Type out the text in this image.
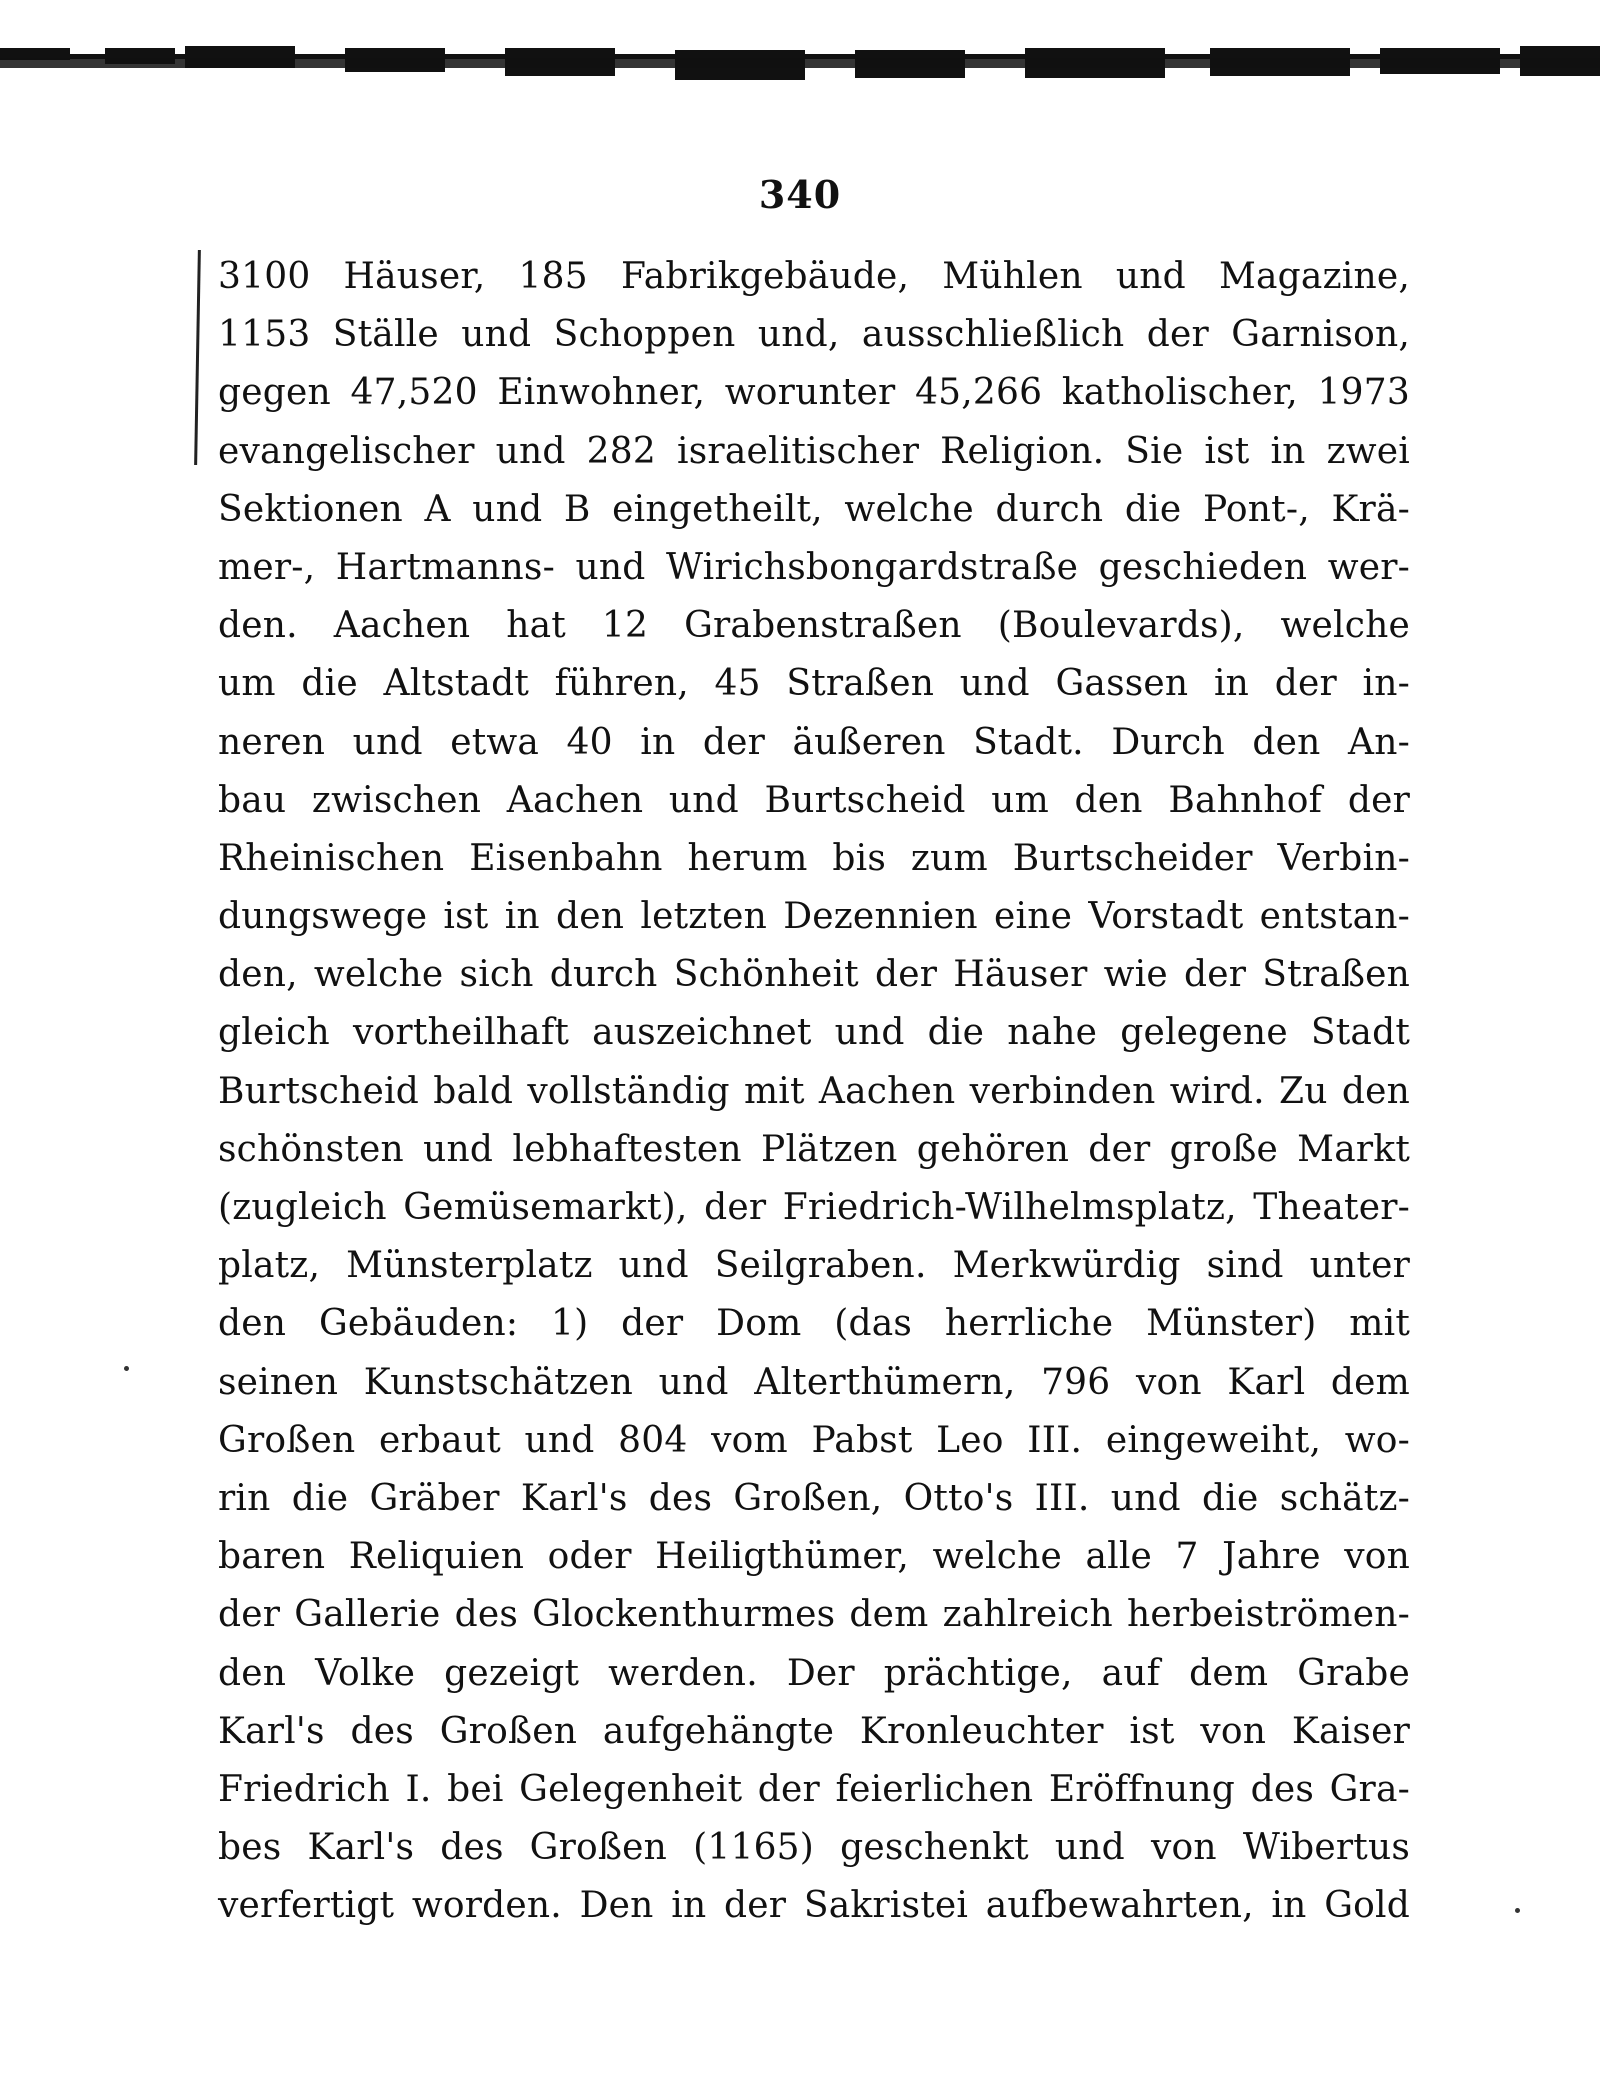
340
3100 Häuser, 185 Fabrikgebäude, Mühlen und Magazine,
1153 Ställe und Schoppen und, ausschließlich der Garnison,
gegen 47,520 Einwohner, worunter 45,266 katholischer, 1973
evangelischer und 282 israelitischer Religion. Sie ist in zwei
Sektionen A und B eingetheilt, welche durch die Pont-, Krä-
mer-, Hartmanns- und Wirichsbongardstraße geschieden wer-
den. Aachen hat 12 Grabenstraßen (Boulevards), welche
um die Altstadt führen, 45 Straßen und Gassen in der in-
neren und etwa 40 in der äußeren Stadt. Durch den An-
bau zwischen Aachen und Burtscheid um den Bahnhof der
Rheinischen Eisenbahn herum bis zum Burtscheider Verbin-
dungswege ist in den letzten Dezennien eine Vorstadt entstan-
den, welche sich durch Schönheit der Häuser wie der Straßen
gleich vortheilhaft auszeichnet und die nahe gelegene Stadt
Burtscheid bald vollständig mit Aachen verbinden wird. Zu den
schönsten und lebhaftesten Plätzen gehören der große Markt
(zugleich Gemüsemarkt), der Friedrich-Wilhelmsplatz, Theater-
platz, Münsterplatz und Seilgraben. Merkwürdig sind unter
den Gebäuden: 1) der Dom (das herrliche Münster) mit
seinen Kunstschätzen und Alterthümern, 796 von Karl dem
Großen erbaut und 804 vom Pabst Leo III. eingeweiht, wo-
rin die Gräber Karl's des Großen, Otto's III. und die schätz-
baren Reliquien oder Heiligthümer, welche alle 7 Jahre von
der Gallerie des Glockenthurmes dem zahlreich herbeiströmen-
den Volke gezeigt werden. Der prächtige, auf dem Grabe
Karl's des Großen aufgehängte Kronleuchter ist von Kaiser
Friedrich I. bei Gelegenheit der feierlichen Eröffnung des Gra-
bes Karl's des Großen (1165) geschenkt und von Wibertus
verfertigt worden. Den in der Sakristei aufbewahrten, in Gold
